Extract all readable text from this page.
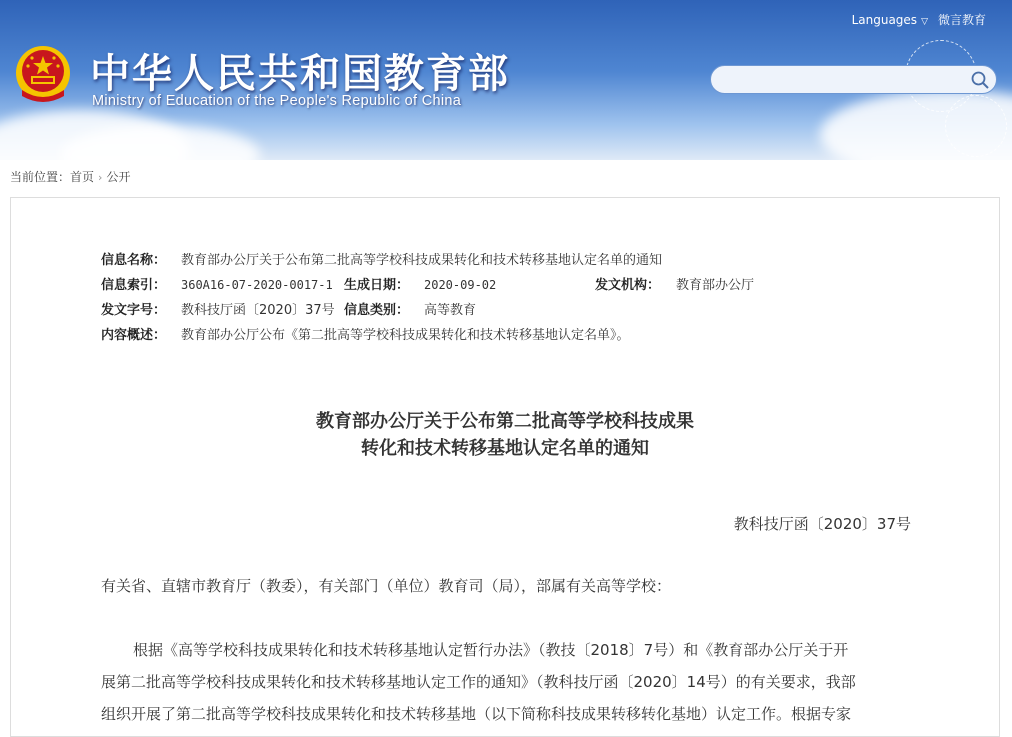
中华人民共和国教育部
Ministry of Education of the People's Republic of China
Languages ▽ 微言教育
当前位置：首页 › 公开
信息名称： 教育部办公厅关于公布第二批高等学校科技成果转化和技术转移基地认定名单的通知
信息索引： 360A16-07-2020-0017-1 生成日期： 2020-09-02	发文机构： 教育部办公厅
发文字号： 教科技厅函〔2020〕37号 信息类别： 高等教育
内容概述： 教育部办公厅公布《第二批高等学校科技成果转化和技术转移基地认定名单》。
教育部办公厅关于公布第二批高等学校科技成果
转化和技术转移基地认定名单的通知
教科技厅函〔2020〕37号
有关省、直辖市教育厅（教委），有关部门（单位）教育司（局），部属有关高等学校：
根据《高等学校科技成果转化和技术转移基地认定暂行办法》（教技〔2018〕7号）和《教育部办公厅关于开
展第二批高等学校科技成果转化和技术转移基地认定工作的通知》（教科技厅函〔2020〕14号）的有关要求，我部
组织开展了第二批高等学校科技成果转化和技术转移基地（以下简称科技成果转移转化基地）认定工作。根据专家
